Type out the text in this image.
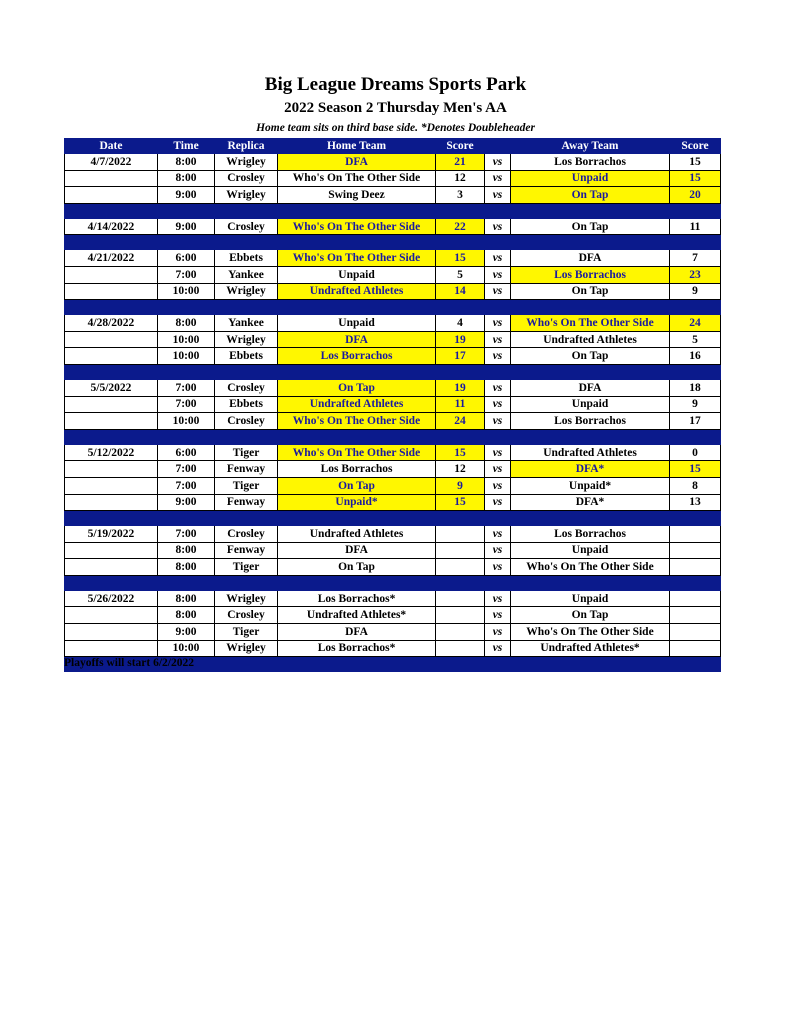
Big League Dreams Sports Park
2022 Season 2 Thursday Men's AA
Home team sits on third base side. *Denotes Doubleheader
Date	Time	Replica	Home Team	Score		Away Team	Score
4/7/2022	8:00	Wrigley	DFA	21	vs	Los Borrachos	15
	8:00	Crosley	Who's On The Other Side	12	vs	Unpaid	15
	9:00	Wrigley	Swing Deez	3	vs	On Tap	20

4/14/2022	9:00	Crosley	Who's On The Other Side	22	vs	On Tap	11

4/21/2022	6:00	Ebbets	Who's On The Other Side	15	vs	DFA	7
	7:00	Yankee	Unpaid	5	vs	Los Borrachos	23
	10:00	Wrigley	Undrafted Athletes	14	vs	On Tap	9

4/28/2022	8:00	Yankee	Unpaid	4	vs	Who's On The Other Side	24
	10:00	Wrigley	DFA	19	vs	Undrafted Athletes	5
	10:00	Ebbets	Los Borrachos	17	vs	On Tap	16

5/5/2022	7:00	Crosley	On Tap	19	vs	DFA	18
	7:00	Ebbets	Undrafted Athletes	11	vs	Unpaid	9
	10:00	Crosley	Who's On The Other Side	24	vs	Los Borrachos	17

5/12/2022	6:00	Tiger	Who's On The Other Side	15	vs	Undrafted Athletes	0
	7:00	Fenway	Los Borrachos	12	vs	DFA*	15
	7:00	Tiger	On Tap	9	vs	Unpaid*	8
	9:00	Fenway	Unpaid*	15	vs	DFA*	13

5/19/2022	7:00	Crosley	Undrafted Athletes		vs	Los Borrachos	
	8:00	Fenway	DFA		vs	Unpaid	
	8:00	Tiger	On Tap		vs	Who's On The Other Side	

5/26/2022	8:00	Wrigley	Los Borrachos*		vs	Unpaid	
	8:00	Crosley	Undrafted Athletes*		vs	On Tap	
	9:00	Tiger	DFA		vs	Who's On The Other Side	
	10:00	Wrigley	Los Borrachos*		vs	Undrafted Athletes*	

Playoffs will start 6/2/2022
